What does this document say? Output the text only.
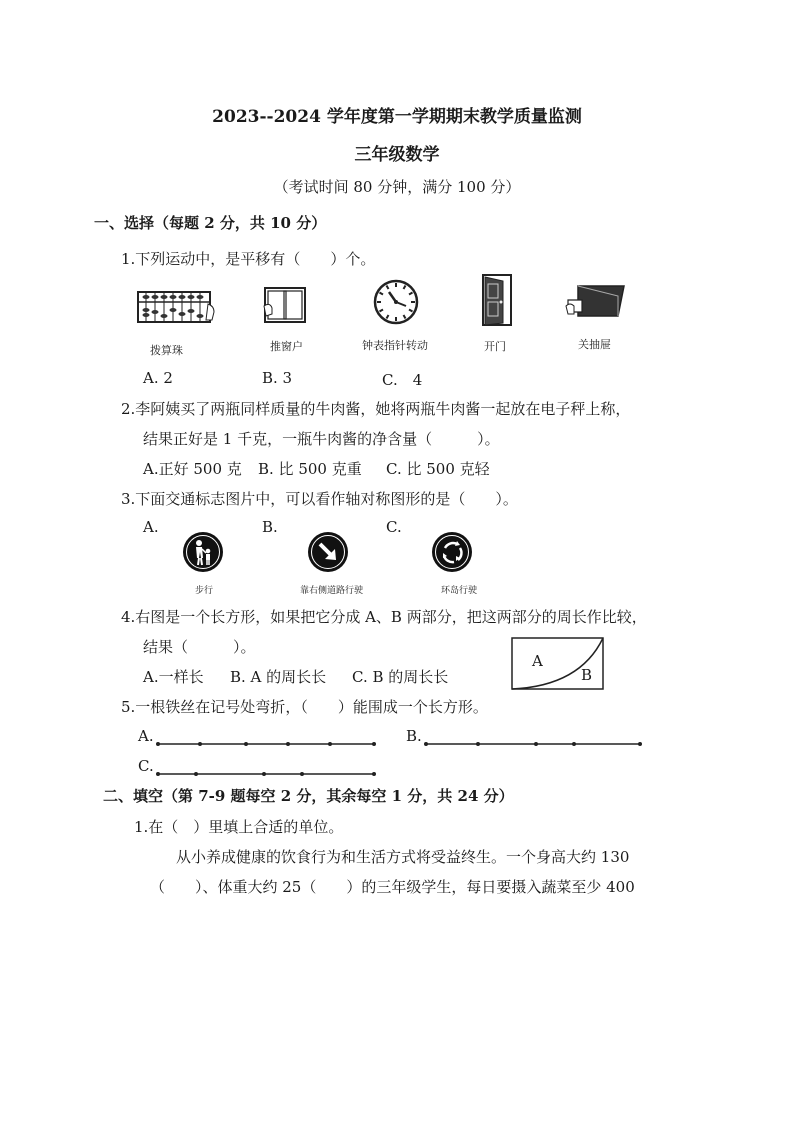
2023--2024 学年度第一学期期末教学质量监测
三年级数学
（考试时间 80 分钟，满分 100 分）
一、选择（每题 2 分，共 10 分）
1.下列运动中，是平移有（　　）个。
拨算珠	推窗户	钟表指针转动	开门	关抽屉
A. 2	B. 3	C.　4
2.李阿姨买了两瓶同样质量的牛肉酱，她将两瓶牛肉酱一起放在电子秤上称，
结果正好是 1 千克，一瓶牛肉酱的净含量（　　　）。
A.正好 500 克 B. 比 500 克重 C. 比 500 克轻
3.下面交通标志图片中，可以看作轴对称图形的是（　　）。
A.	B.	C.
步行	靠右侧道路行驶	环岛行驶
4.右图是一个长方形，如果把它分成 A、B 两部分，把这两部分的周长作比较，
结果（　　　）。
A.一样长 B. A 的周长长 C. B 的周长长
A
B
5.一根铁丝在记号处弯折，（　　）能围成一个长方形。
A.	B.
C.
二、填空（第 7-9 题每空 2 分，其余每空 1 分，共 24 分）
1.在（　）里填上合适的单位。
从小养成健康的饮食行为和生活方式将受益终生。一个身高大约 130
（　　）、体重大约 25（　　）的三年级学生，每日要摄入蔬菜至少 400
